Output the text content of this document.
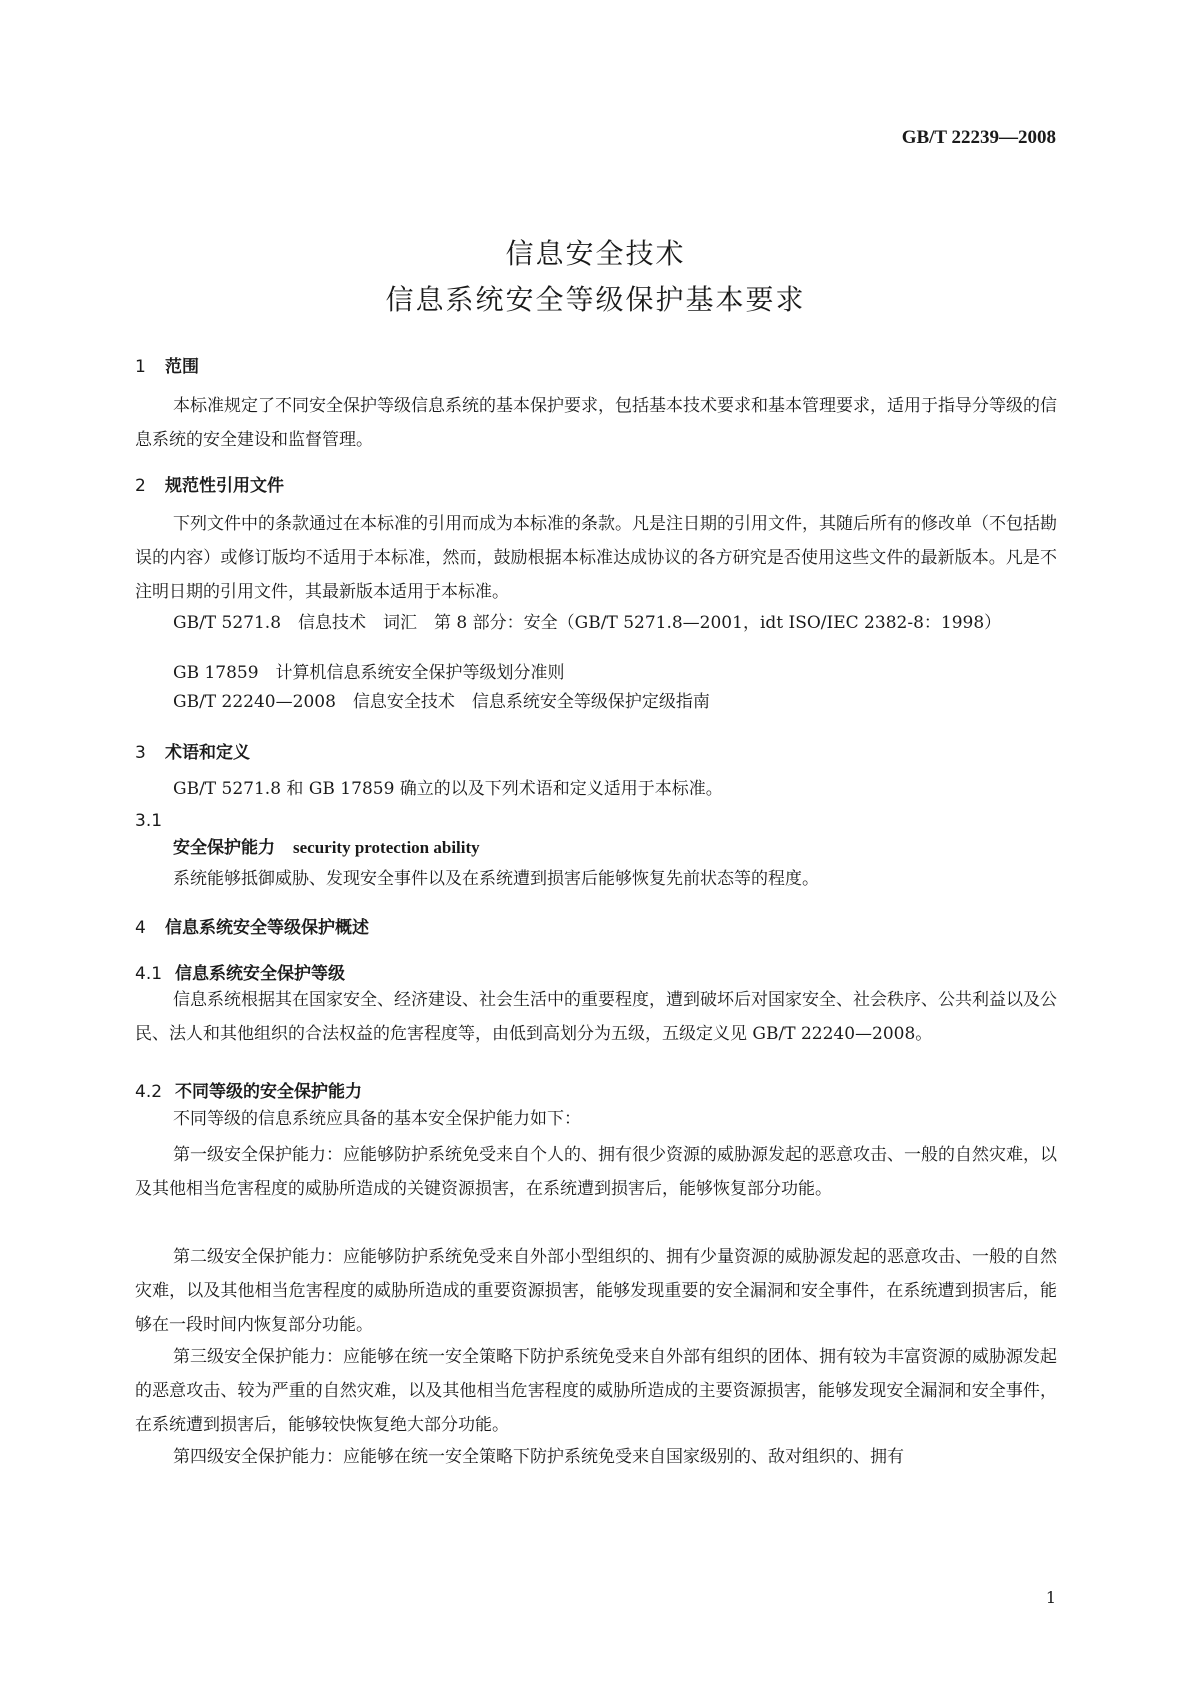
GB/T 22239—2008
信息安全技术
信息系统安全等级保护基本要求
1 范围

本标准规定了不同安全保护等级信息系统的基本保护要求，包括基本技术要求和基本管理要求，适用于指导分等级的信息系统的安全建设和监督管理。

2 规范性引用文件

下列文件中的条款通过在本标准的引用而成为本标准的条款。凡是注日期的引用文件，其随后所有的修改单（不包括勘误的内容）或修订版均不适用于本标准，然而，鼓励根据本标准达成协议的各方研究是否使用这些文件的最新版本。凡是不注明日期的引用文件，其最新版本适用于本标准。

GB/T 5271.8　信息技术　词汇　第 8 部分：安全（GB/T 5271.8—2001，idt ISO/IEC 2382-8：1998）

GB 17859　计算机信息系统安全保护等级划分准则
GB/T 22240—2008　信息安全技术　信息系统安全等级保护定级指南
3 术语和定义
GB/T 5271.8 和 GB 17859 确立的以及下列术语和定义适用于本标准。
3.1
安全保护能力 security protection ability
系统能够抵御威胁、发现安全事件以及在系统遭到损害后能够恢复先前状态等的程度。
4 信息系统安全等级保护概述
4.1 信息系统安全保护等级

信息系统根据其在国家安全、经济建设、社会生活中的重要程度，遭到破坏后对国家安全、社会秩序、公共利益以及公民、法人和其他组织的合法权益的危害程度等，由低到高划分为五级，五级定义见 GB/T 22240—2008。

4.2 不同等级的安全保护能力
不同等级的信息系统应具备的基本安全保护能力如下：

第一级安全保护能力：应能够防护系统免受来自个人的、拥有很少资源的威胁源发起的恶意攻击、一般的自然灾难，以及其他相当危害程度的威胁所造成的关键资源损害，在系统遭到损害后，能够恢复部分功能。

第二级安全保护能力：应能够防护系统免受来自外部小型组织的、拥有少量资源的威胁源发起的恶意攻击、一般的自然灾难，以及其他相当危害程度的威胁所造成的重要资源损害，能够发现重要的安全漏洞和安全事件，在系统遭到损害后，能够在一段时间内恢复部分功能。

第三级安全保护能力：应能够在统一安全策略下防护系统免受来自外部有组织的团体、拥有较为丰富资源的威胁源发起的恶意攻击、较为严重的自然灾难，以及其他相当危害程度的威胁所造成的主要资源损害，能够发现安全漏洞和安全事件，在系统遭到损害后，能够较快恢复绝大部分功能。

第四级安全保护能力：应能够在统一安全策略下防护系统免受来自国家级别的、敌对组织的、拥有

1
